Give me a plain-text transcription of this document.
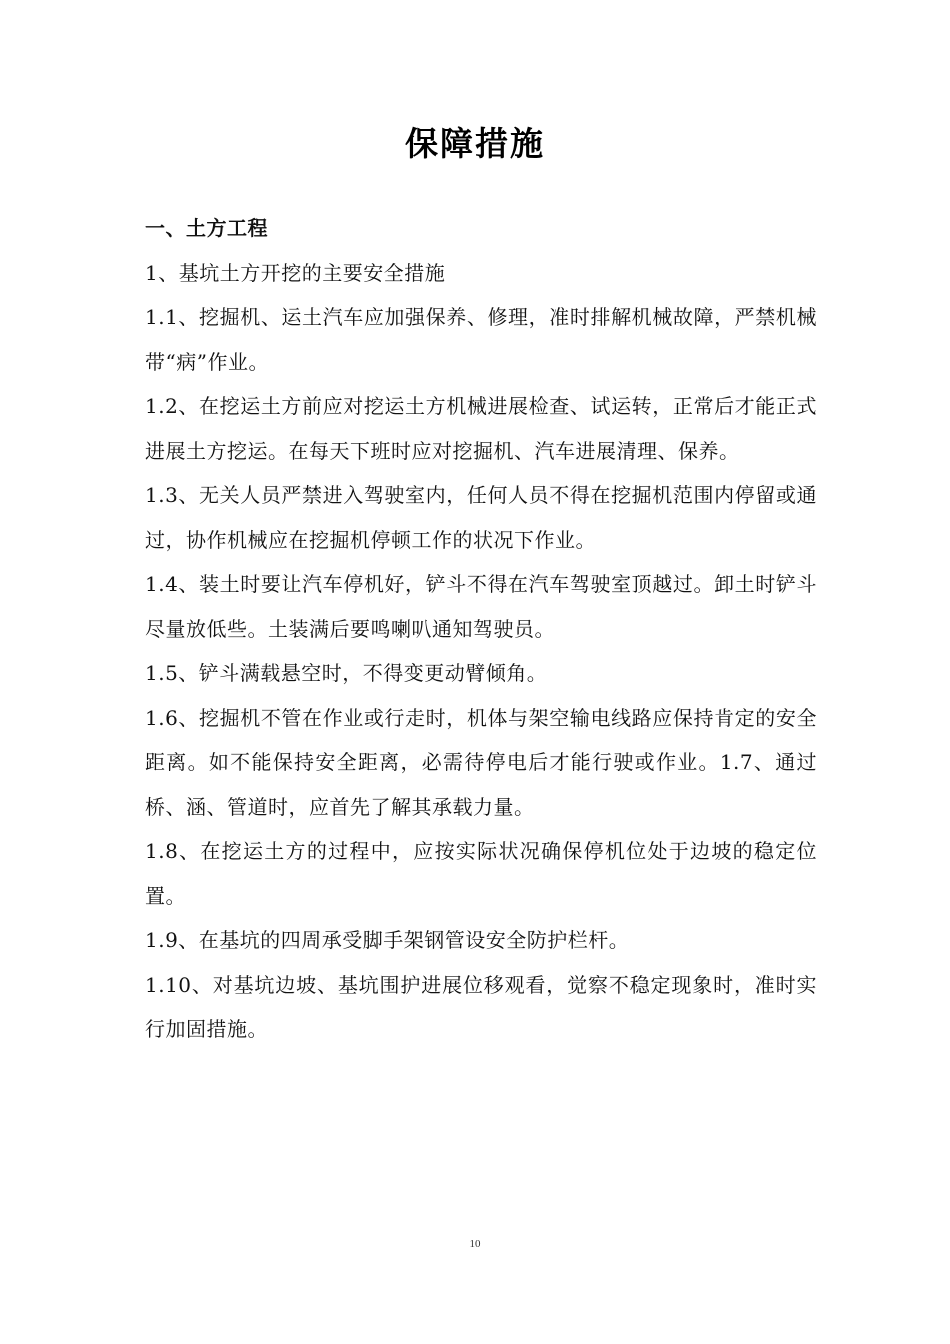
保障措施

一、土方工程

1、基坑土方开挖的主要安全措施

1.1、挖掘机、运土汽车应加强保养、修理，准时排解机械故障，严禁机械带“病”作业。

1.2、在挖运土方前应对挖运土方机械进展检查、试运转，正常后才能正式进展土方挖运。在每天下班时应对挖掘机、汽车进展清理、保养。

1.3、无关人员严禁进入驾驶室内，任何人员不得在挖掘机范围内停留或通过，协作机械应在挖掘机停顿工作的状况下作业。

1.4、装土时要让汽车停机好，铲斗不得在汽车驾驶室顶越过。卸土时铲斗尽量放低些。土装满后要鸣喇叭通知驾驶员。

1.5、铲斗满载悬空时，不得变更动臂倾角。

1.6、挖掘机不管在作业或行走时，机体与架空输电线路应保持肯定的安全距离。如不能保持安全距离，必需待停电后才能行驶或作业。1.7、通过桥、涵、管道时，应首先了解其承载力量。

1.8、在挖运土方的过程中，应按实际状况确保停机位处于边坡的稳定位置。

1.9、在基坑的四周承受脚手架钢管设安全防护栏杆。

1.10、对基坑边坡、基坑围护进展位移观看，觉察不稳定现象时，准时实行加固措施。

10
